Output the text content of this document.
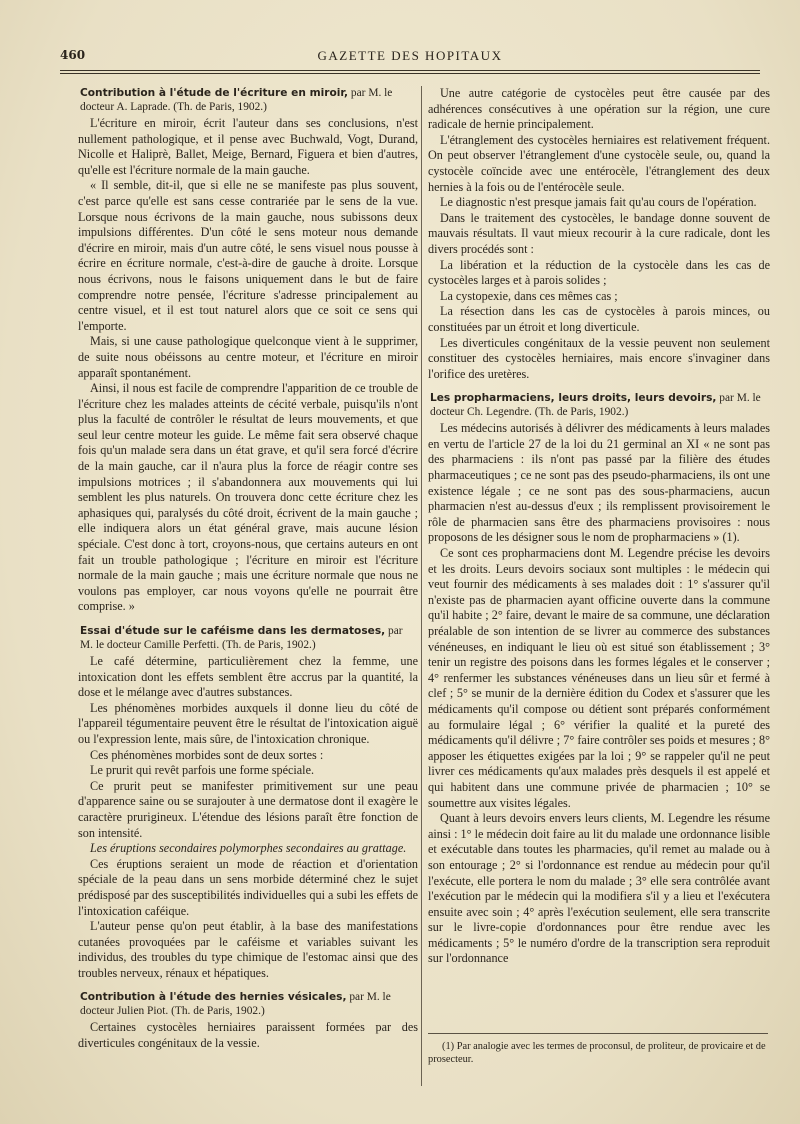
460	GAZETTE DES HOPITAUX
Contribution à l'étude de l'écriture en miroir, par M. le docteur A. Laprade. (Th. de Paris, 1902.)

L'écriture en miroir, écrit l'auteur dans ses conclusions, n'est nullement pathologique, et il pense avec Buchwald, Vogt, Durand, Nicolle et Haliprè, Ballet, Meige, Bernard, Figuera et bien d'autres, qu'elle est l'écriture normale de la main gauche.

« Il semble, dit-il, que si elle ne se manifeste pas plus souvent, c'est parce qu'elle est sans cesse contrariée par le sens de la vue. Lorsque nous écrivons de la main gauche, nous subissons deux impulsions différentes. D'un côté le sens moteur nous demande d'écrire en miroir, mais d'un autre côté, le sens visuel nous pousse à écrire en écriture normale, c'est-à-dire de gauche à droite. Lorsque nous écrivons, nous le faisons uniquement dans le but de faire comprendre notre pensée, l'écriture s'adresse principalement au centre visuel, et il est tout naturel alors que ce soit ce sens qui l'emporte.

Mais, si une cause pathologique quelconque vient à le supprimer, de suite nous obéissons au centre moteur, et l'écriture en miroir apparaît spontanément.

Ainsi, il nous est facile de comprendre l'apparition de ce trouble de l'écriture chez les malades atteints de cécité verbale, puisqu'ils n'ont plus la faculté de contrôler le résultat de leurs mouvements, et que seul leur centre moteur les guide. Le même fait sera observé chaque fois qu'un malade sera dans un état grave, et qu'il sera forcé d'écrire de la main gauche, car il n'aura plus la force de réagir contre ses impulsions motrices ; il s'abandonnera aux mouvements qui lui semblent les plus naturels. On trouvera donc cette écriture chez les aphasiques qui, paralysés du côté droit, écrivent de la main gauche ; elle indiquera alors un état général grave, mais aucune lésion spéciale. C'est donc à tort, croyons-nous, que certains auteurs en ont fait un trouble pathologique ; l'écriture en miroir est l'écriture normale de la main gauche ; mais une écriture normale que nous ne voulons pas employer, car nous voyons qu'elle ne pourrait être comprise. »

Essai d'étude sur le caféisme dans les dermatoses, par M. le docteur Camille Perfetti. (Th. de Paris, 1902.)

Le café détermine, particulièrement chez la femme, une intoxication dont les effets semblent être accrus par la quantité, la dose et le mélange avec d'autres substances.

Les phénomènes morbides auxquels il donne lieu du côté de l'appareil tégumentaire peuvent être le résultat de l'intoxication aiguë ou l'expression lente, mais sûre, de l'intoxication chronique.

Ces phénomènes morbides sont de deux sortes :

Le prurit qui revêt parfois une forme spéciale.

Ce prurit peut se manifester primitivement sur une peau d'apparence saine ou se surajouter à une dermatose dont il exagère le caractère prurigineux. L'étendue des lésions paraît être fonction de son intensité.

Les éruptions secondaires polymorphes secondaires au grattage.

Ces éruptions seraient un mode de réaction et d'orientation spéciale de la peau dans un sens morbide déterminé chez le sujet prédisposé par des susceptibilités individuelles qui a subi les effets de l'intoxication caféique.

L'auteur pense qu'on peut établir, à la base des manifestations cutanées provoquées par le caféisme et variables suivant les individus, des troubles du type chimique de l'estomac ainsi que des troubles nerveux, rénaux et hépatiques.

Contribution à l'étude des hernies vésicales, par M. le docteur Julien Piot. (Th. de Paris, 1902.)

Certaines cystocèles herniaires paraissent formées par des diverticules congénitaux de la vessie.

Une autre catégorie de cystocèles peut être causée par des adhérences consécutives à une opération sur la région, une cure radicale de hernie principalement.

L'étranglement des cystocèles herniaires est relativement fréquent. On peut observer l'étranglement d'une cystocèle seule, ou, quand la cystocèle coïncide avec une entérocèle, l'étranglement des deux hernies à la fois ou de l'entérocèle seule.

Le diagnostic n'est presque jamais fait qu'au cours de l'opération.

Dans le traitement des cystocèles, le bandage donne souvent de mauvais résultats. Il vaut mieux recourir à la cure radicale, dont les divers procédés sont :

La libération et la réduction de la cystocèle dans les cas de cystocèles larges et à parois solides ;

La cystopexie, dans ces mêmes cas ;

La résection dans les cas de cystocèles à parois minces, ou constituées par un étroit et long diverticule.

Les diverticules congénitaux de la vessie peuvent non seulement constituer des cystocèles herniaires, mais encore s'invaginer dans l'orifice des uretères.

Les propharmaciens, leurs droits, leurs devoirs, par M. le docteur Ch. Legendre. (Th. de Paris, 1902.)

Les médecins autorisés à délivrer des médicaments à leurs malades en vertu de l'article 27 de la loi du 21 germinal an XI « ne sont pas des pharmaciens : ils n'ont pas passé par la filière des études pharmaceutiques ; ce ne sont pas des pseudo-pharmaciens, ils ont une existence légale ; ce ne sont pas des sous-pharmaciens, aucun pharmacien n'est au-dessus d'eux ; ils remplissent provisoirement le rôle de pharmacien sans être des pharmaciens provisoires : nous proposons de les désigner sous le nom de propharmaciens » (1).

Ce sont ces propharmaciens dont M. Legendre précise les devoirs et les droits. Leurs devoirs sociaux sont multiples : le médecin qui veut fournir des médicaments à ses malades doit : 1° s'assurer qu'il n'existe pas de pharmacien ayant officine ouverte dans la commune qu'il habite ; 2° faire, devant le maire de sa commune, une déclaration préalable de son intention de se livrer au commerce des substances vénéneuses, en indiquant le lieu où est situé son établissement ; 3° tenir un registre des poisons dans les formes légales et le conserver ; 4° renfermer les substances vénéneuses dans un lieu sûr et fermé à clef ; 5° se munir de la dernière édition du Codex et s'assurer que les médicaments qu'il compose ou détient sont préparés conformément au formulaire légal ; 6° vérifier la qualité et la pureté des médicaments qu'il délivre ; 7° faire contrôler ses poids et mesures ; 8° apposer les étiquettes exigées par la loi ; 9° se rappeler qu'il ne peut livrer ces médicaments qu'aux malades près desquels il est appelé et qui habitent dans une commune privée de pharmacien ; 10° se soumettre aux visites légales.

Quant à leurs devoirs envers leurs clients, M. Legendre les résume ainsi : 1° le médecin doit faire au lit du malade une ordonnance lisible et exécutable dans toutes les pharmacies, qu'il remet au malade ou à son entourage ; 2° si l'ordonnance est rendue au médecin pour qu'il l'exécute, elle portera le nom du malade ; 3° elle sera contrôlée avant l'exécution par le médecin qui la modifiera s'il y a lieu et l'exécutera ensuite avec soin ; 4° après l'exécution seulement, elle sera transcrite sur le livre-copie d'ordonnances pour être rendue avec les médicaments ; 5° le numéro d'ordre de la transcription sera reproduit sur l'ordonnance

(1) Par analogie avec les termes de proconsul, de proliteur, de provicaire et de prosecteur.
